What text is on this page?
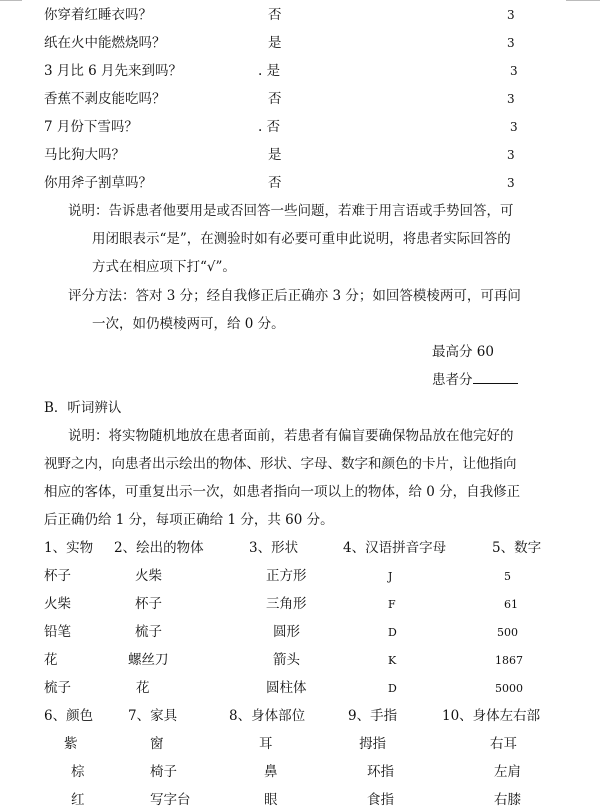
你穿着红睡衣吗？	否	3
纸在火中能燃烧吗？	是	3
3 月比 6 月先来到吗？	. 是	3
香蕉不剥皮能吃吗？	否	3
7 月份下雪吗？	. 否	3
马比狗大吗？	是	3
你用斧子割草吗？	否	3
说明：告诉患者他要用是或否回答一些问题，若难于用言语或手势回答，可
用闭眼表示“是”，在测验时如有必要可重申此说明，将患者实际回答的
方式在相应项下打“√”。
评分方法：答对 3 分；经自我修正后正确亦 3 分；如回答模棱两可，可再问
一次，如仍模棱两可，给 0 分。
最高分 60
患者分
B．听词辨认
说明：将实物随机地放在患者面前，若患者有偏盲要确保物品放在他完好的
视野之内，向患者出示绘出的物体、形状、字母、数字和颜色的卡片，让他指向
相应的客体，可重复出示一次，如患者指向一项以上的物体，给 0 分，自我修正
后正确仍给 1 分，每项正确给 1 分，共 60 分。
1、实物 2、绘出的物体	3、形状	4、汉语拼音字母	5、数字
杯子	火柴	正方形	J	5
火柴	杯子	三角形	F	61
铅笔	梳子	圆形	D	500
花	螺丝刀	箭头	K	1867
梳子	花	圆柱体	D	5000
6、颜色	7、家具	8、身体部位	9、手指	10、身体左右部
紫	窗	耳	拇指	右耳
棕	椅子	鼻	环指	左肩
红	写字台	眼	食指	右膝
